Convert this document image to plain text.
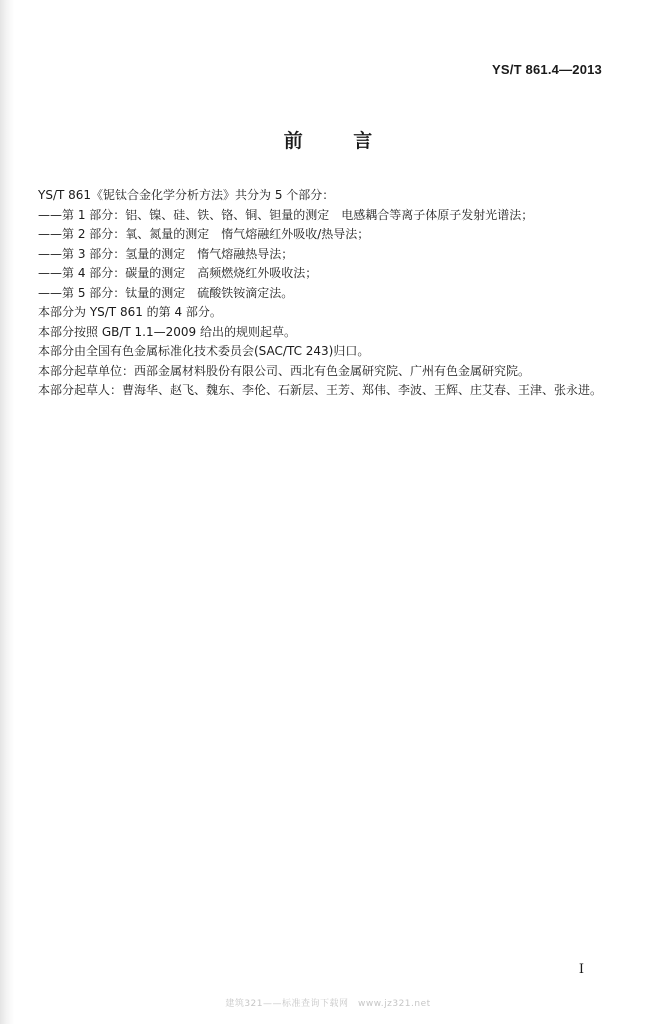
YS/T 861.4—2013
前 言
YS/T 861《铌钛合金化学分析方法》共分为 5 个部分：
——第 1 部分：铝、镍、硅、铁、铬、铜、钽量的测定　电感耦合等离子体原子发射光谱法；
——第 2 部分：氧、氮量的测定　惰气熔融红外吸收/热导法；
——第 3 部分：氢量的测定　惰气熔融热导法；
——第 4 部分：碳量的测定　高频燃烧红外吸收法；
——第 5 部分：钛量的测定　硫酸铁铵滴定法。
本部分为 YS/T 861 的第 4 部分。
本部分按照 GB/T 1.1—2009 给出的规则起草。
本部分由全国有色金属标准化技术委员会(SAC/TC 243)归口。
本部分起草单位：西部金属材料股份有限公司、西北有色金属研究院、广州有色金属研究院。
本部分起草人：曹海华、赵飞、魏东、李伦、石新层、王芳、郑伟、李波、王辉、庄艾春、王津、张永进。
I
建筑321——标准查询下载网　www.jz321.net
